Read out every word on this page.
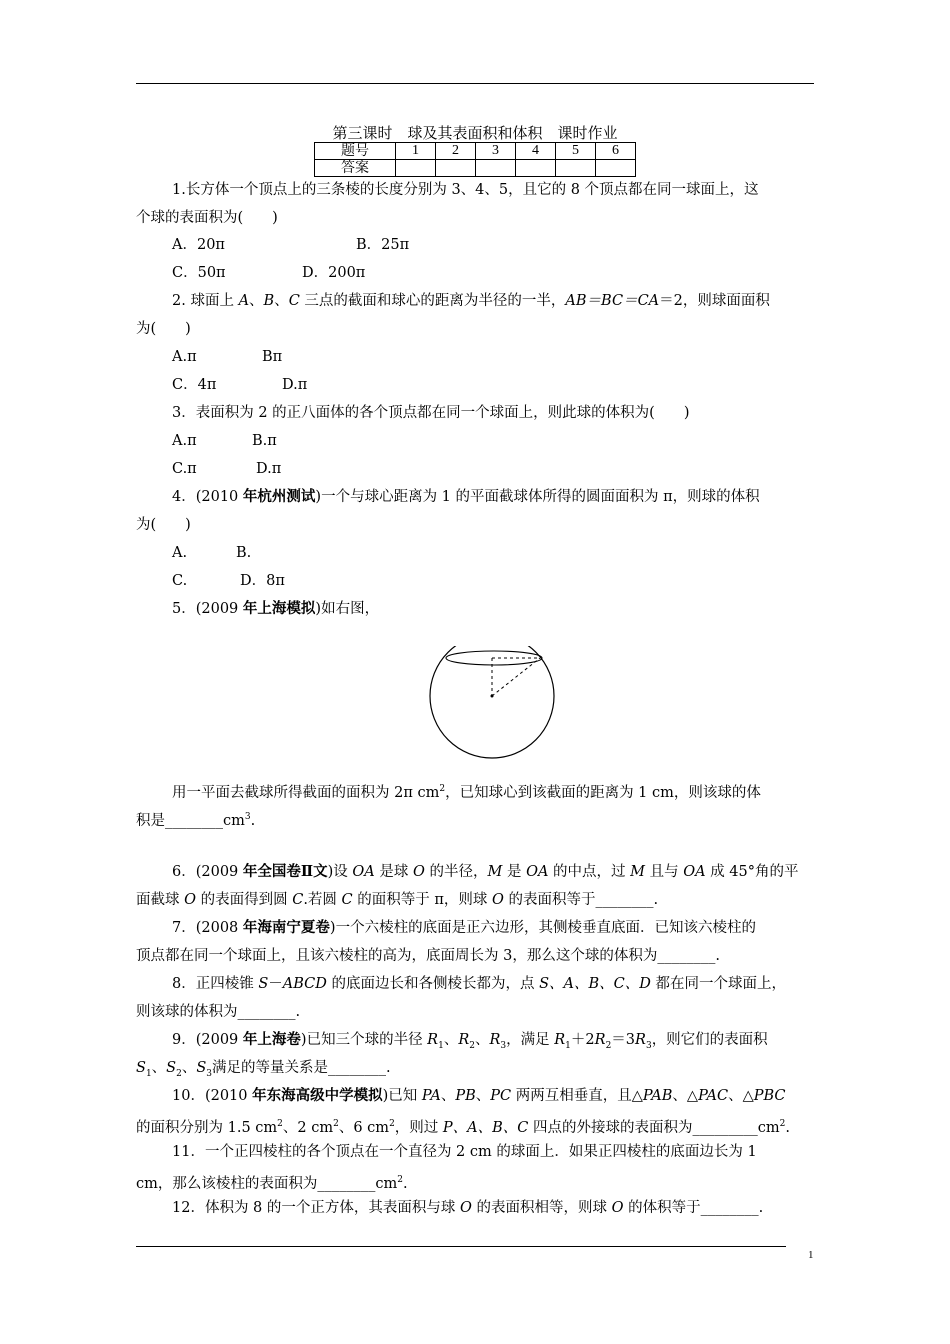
第三课时　 球及其表面积和体积　 课时作业
题号	1	2	3	4	5	6
答案						
1.长方体一个顶点上的三条棱的长度分别为 3、4、5，且它的 8 个顶点都在同一球面上，这
个球的表面积为(　　)
A．20π	B．25π
C．50π	D．200π
2. 球面上 A、B、C 三点的截面和球心的距离为半径的一半，AB＝BC＝CA＝2，则球面面积
为(　　)
A.π	Bπ
C．4π	D.π
3．表面积为 2 的正八面体的各个顶点都在同一个球面上，则此球的体积为(　　)
A.π	B.π
C.π	D.π
4．(2010 年杭州测试)一个与球心距离为 1 的平面截球体所得的圆面面积为 π，则球的体积
为(　　)
A.	B.
C.	D．8π
5．(2009 年上海模拟)如右图，
用一平面去截球所得截面的面积为 2π $cm^2$，已知球心到该截面的距离为 1 cm，则该球的体
积是$\_\_\_\_\_\_\_\_cm^3$.
6．(2009 年全国卷Ⅱ文)设 OA 是球 O 的半径，M 是 OA 的中点，过 M 且与 OA 成 45°角的平
面截球 O 的表面得到圆 C.若圆 C 的面积等于 π，则球 O 的表面积等于________.
7．(2008 年海南宁夏卷)一个六棱柱的底面是正六边形，其侧棱垂直底面．已知该六棱柱的
顶点都在同一个球面上，且该六棱柱的高为，底面周长为 3，那么这个球的体积为________.
8．正四棱锥 S－ABCD 的底面边长和各侧棱长都为，点 S、A、B、C、D 都在同一个球面上，
则该球的体积为________.
9．(2009 年上海卷)已知三个球的半径 $R_1$、$R_2$、$R_3$，满足 $R_1+2R_2=3R_3$，则它们的表面积
$S_1$、$S_2$、$S_3$满足的等量关系是________.
10．(2010 年东海高级中学模拟)已知 PA、PB、PC 两两互相垂直，且△PAB、△PAC、△PBC
的面积分别为 1.5 $cm^2$、2 $cm^2$、6 $cm^2$，则过 P、A、B、C 四点的外接球的表面积为$\_\_\_\_\_\_\_\_\_cm^2$.
11．一个正四棱柱的各个顶点在一个直径为 2 cm 的球面上．如果正四棱柱的底面边长为 1
cm，那么该棱柱的表面积为$\_\_\_\_\_\_\_\_cm^2$.
12．体积为 8 的一个正方体，其表面积与球 O 的表面积相等，则球 O 的体积等于________.
1
